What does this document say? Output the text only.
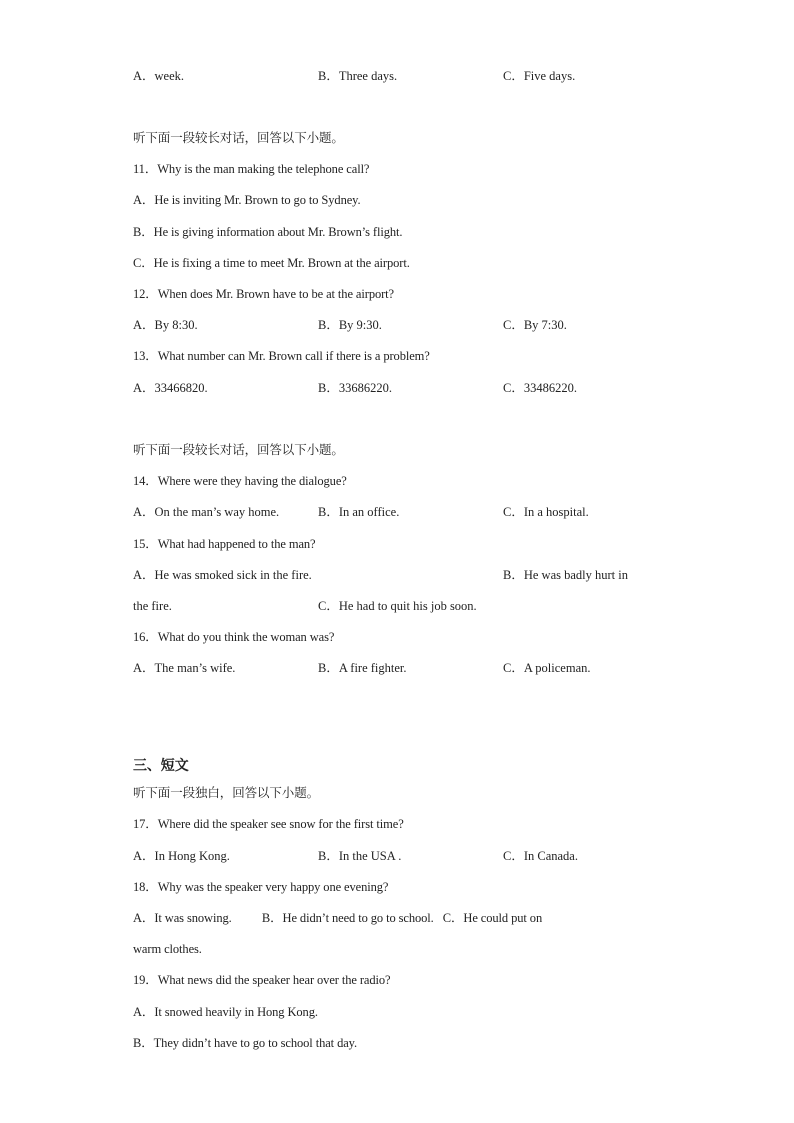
A．week.	B．Three days.	C．Five days.
听下面一段较长对话，回答以下小题。
11．Why is the man making the telephone call?
A．He is inviting Mr. Brown to go to Sydney.
B．He is giving information about Mr. Brown’s flight.
C．He is fixing a time to meet Mr. Brown at the airport.
12．When does Mr. Brown have to be at the airport?
A．By 8:30.	B．By 9:30.	C．By 7:30.
13．What number can Mr. Brown call if there is a problem?
A．33466820.	B．33686220.	C．33486220.
听下面一段较长对话，回答以下小题。
14．Where were they having the dialogue?
A．On the man’s way home.	B．In an office.	C．In a hospital.
15．What had happened to the man?
A．He was smoked sick in the fire.	B．He was badly hurt in
the fire.	C．He had to quit his job soon.
16．What do you think the woman was?
A．The man’s wife.	B．A fire fighter.	C．A policeman.
三、短文
听下面一段独白，回答以下小题。
17．Where did the speaker see snow for the first time?
A．In Hong Kong.	B．In the USA .	C．In Canada.
18．Why was the speaker very happy one evening?
A．It was snowing.          B．He didn’t need to go to school.   C．He could put on
warm clothes.
19．What news did the speaker hear over the radio?
A．It snowed heavily in Hong Kong.
B．They didn’t have to go to school that day.
